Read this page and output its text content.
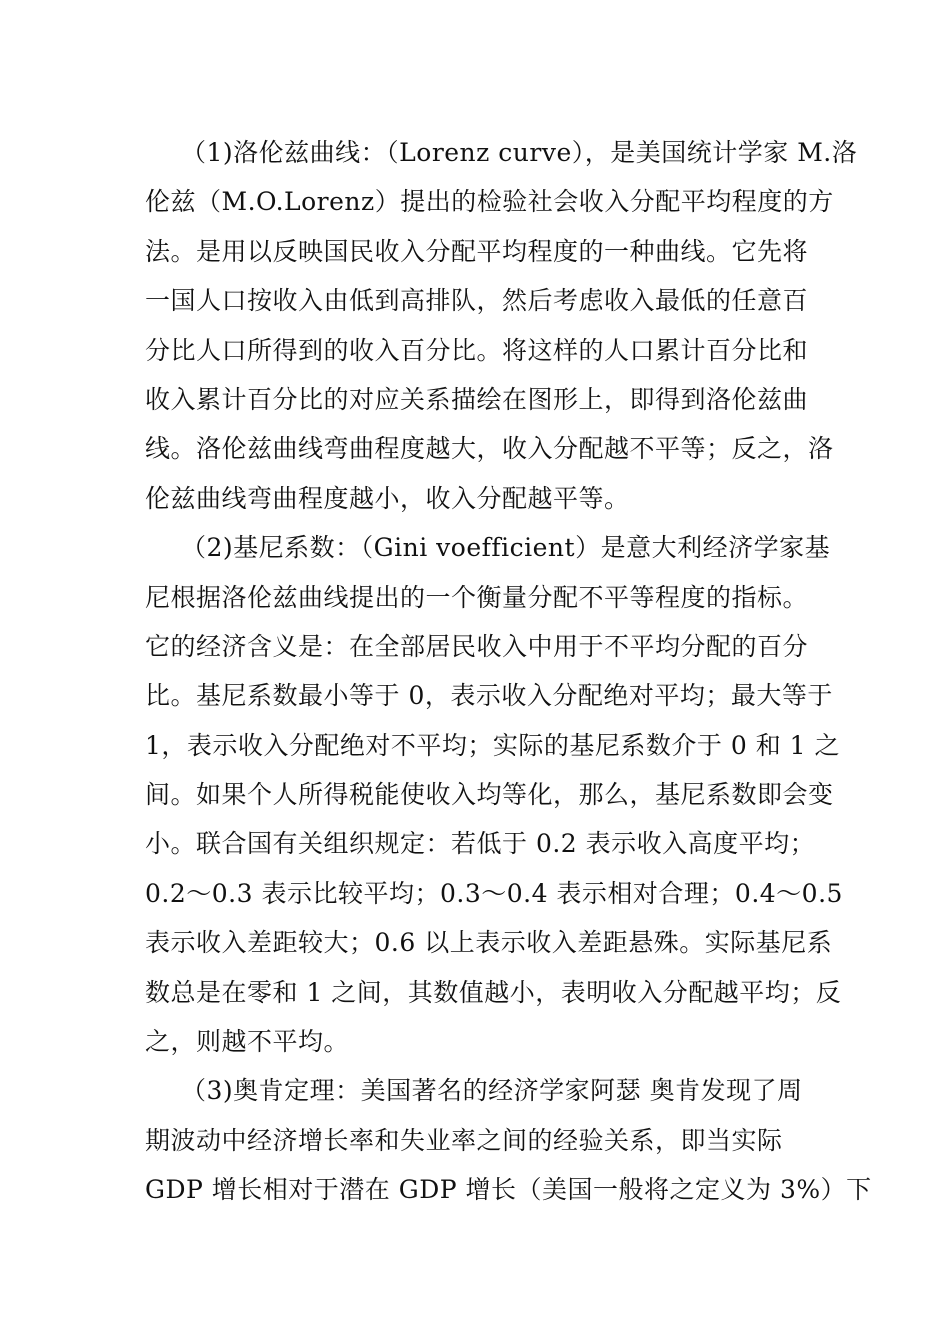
（1)洛伦兹曲线：（Lorenz curve），是美国统计学家 M.洛
伦兹（M.O.Lorenz）提出的检验社会收入分配平均程度的方
法。是用以反映国民收入分配平均程度的一种曲线。它先将
一国人口按收入由低到高排队，然后考虑收入最低的任意百
分比人口所得到的收入百分比。将这样的人口累计百分比和
收入累计百分比的对应关系描绘在图形上，即得到洛伦兹曲
线。洛伦兹曲线弯曲程度越大，收入分配越不平等；反之，洛
伦兹曲线弯曲程度越小，收入分配越平等。
（2)基尼系数：（Gini voefficient）是意大利经济学家基
尼根据洛伦兹曲线提出的一个衡量分配不平等程度的指标。
它的经济含义是：在全部居民收入中用于不平均分配的百分
比。基尼系数最小等于 0，表示收入分配绝对平均；最大等于
1，表示收入分配绝对不平均；实际的基尼系数介于 0 和 1 之
间。如果个人所得税能使收入均等化，那么，基尼系数即会变
小。联合国有关组织规定：若低于 0.2 表示收入高度平均；
0.2～0.3 表示比较平均；0.3～0.4 表示相对合理；0.4～0.5
表示收入差距较大；0.6 以上表示收入差距悬殊。实际基尼系
数总是在零和 1 之间，其数值越小，表明收入分配越平均；反
之，则越不平均。
（3)奥肯定理：美国著名的经济学家阿瑟 奥肯发现了周
期波动中经济增长率和失业率之间的经验关系，即当实际
GDP 增长相对于潜在 GDP 增长（美国一般将之定义为 3%）下
